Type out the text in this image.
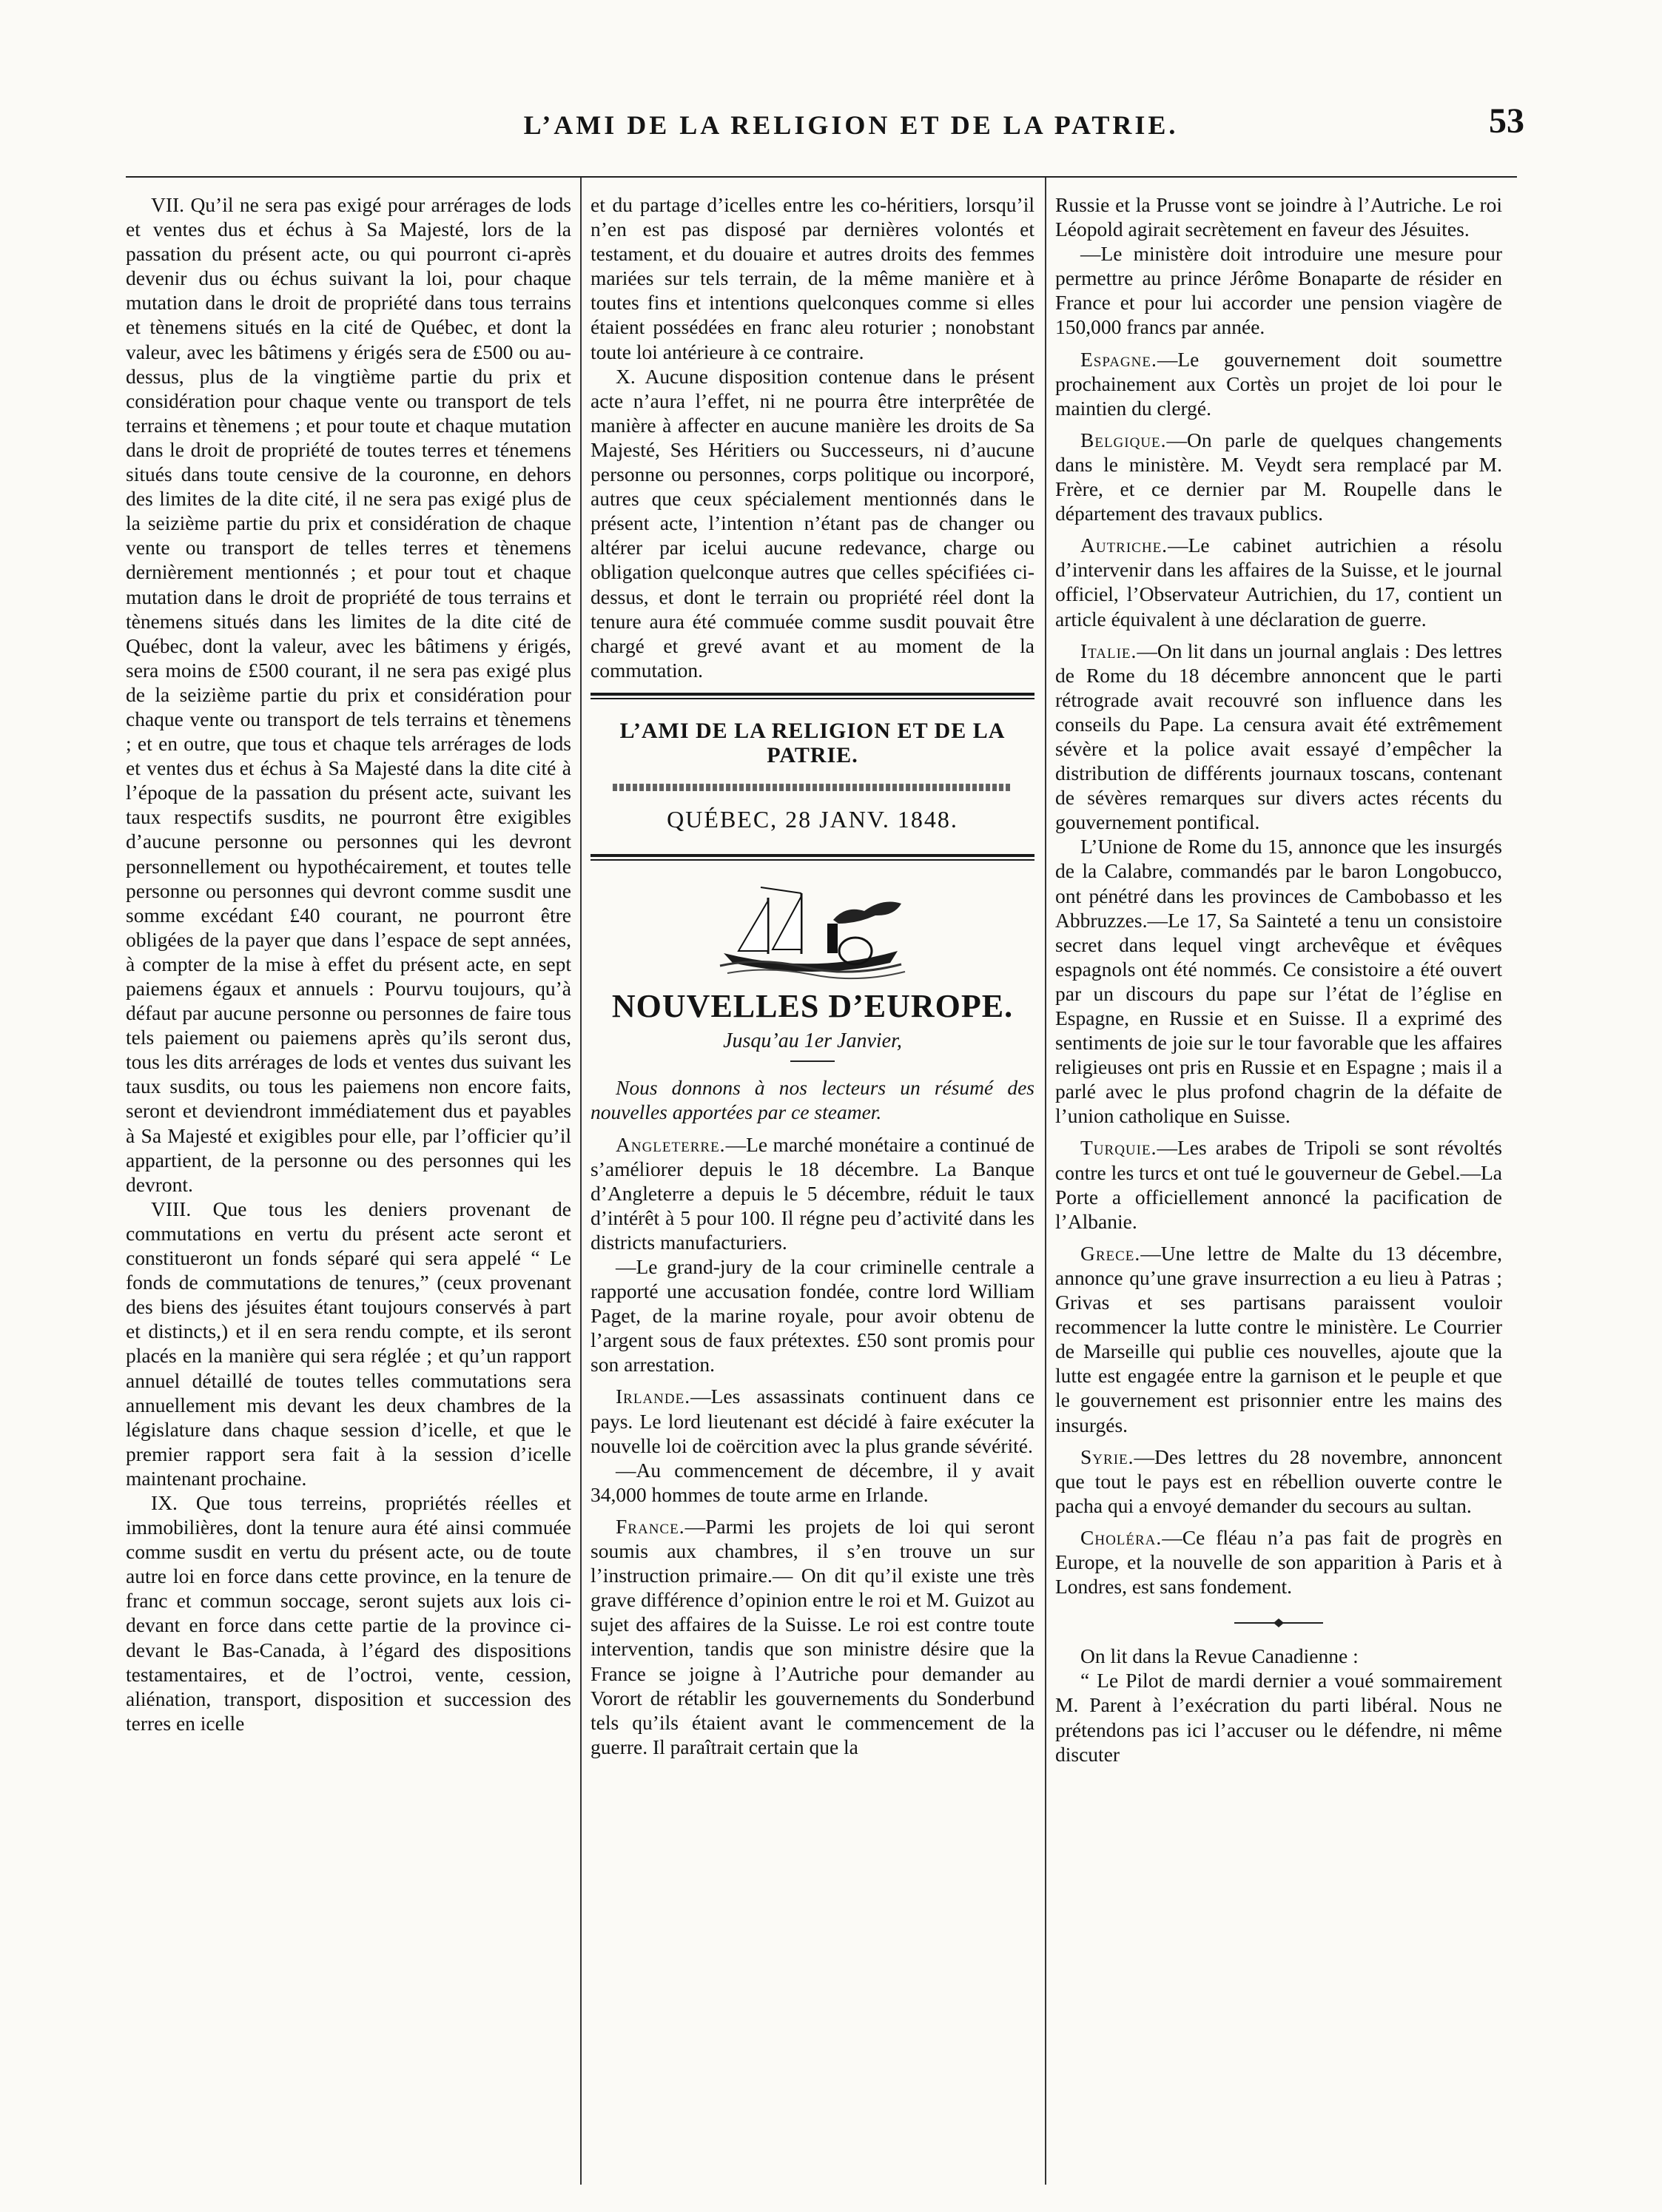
L’AMI DE LA RELIGION ET DE LA PATRIE.	53

VII. Qu’il ne sera pas exigé pour arrérages de lods et ventes dus et échus à Sa Majesté, lors de la passation du présent acte, ou qui pourront ci-après devenir dus ou échus suivant la loi, pour chaque mutation dans le droit de propriété dans tous terrains et tènemens situés en la cité de Québec, et dont la valeur, avec les bâtimens y érigés sera de £500 ou au-dessus, plus de la vingtième partie du prix et considération pour chaque vente ou transport de tels terrains et tènemens ; et pour toute et chaque mutation dans le droit de propriété de toutes terres et ténemens situés dans toute censive de la couronne, en dehors des limites de la dite cité, il ne sera pas exigé plus de la seizième partie du prix et considération de chaque vente ou transport de telles terres et tènemens dernièrement mentionnés ; et pour tout et chaque mutation dans le droit de propriété de tous terrains et tènemens situés dans les limites de la dite cité de Québec, dont la valeur, avec les bâtimens y érigés, sera moins de £500 courant, il ne sera pas exigé plus de la seizième partie du prix et considération pour chaque vente ou transport de tels terrains et tènemens ; et en outre, que tous et chaque tels arrérages de lods et ventes dus et échus à Sa Majesté dans la dite cité à l’époque de la passation du présent acte, suivant les taux respectifs susdits, ne pourront être exigibles d’aucune personne ou personnes qui les devront personnellement ou hypothécairement, et toutes telle personne ou personnes qui devront comme susdit une somme excédant £40 courant, ne pourront être obligées de la payer que dans l’espace de sept années, à compter de la mise à effet du présent acte, en sept paiemens égaux et annuels : Pourvu toujours, qu’à défaut par aucune personne ou personnes de faire tous tels paiement ou paiemens après qu’ils seront dus, tous les dits arrérages de lods et ventes dus suivant les taux susdits, ou tous les paiemens non encore faits, seront et deviendront immédiatement dus et payables à Sa Majesté et exigibles pour elle, par l’officier qu’il appartient, de la personne ou des personnes qui les devront.

VIII. Que tous les deniers provenant de commutations en vertu du présent acte seront et constitueront un fonds séparé qui sera appelé “ Le fonds de commutations de tenures,” (ceux provenant des biens des jésuites étant toujours conservés à part et distincts,) et il en sera rendu compte, et ils seront placés en la manière qui sera réglée ; et qu’un rapport annuel détaillé de toutes telles commutations sera annuellement mis devant les deux chambres de la législature dans chaque session d’icelle, et que le premier rapport sera fait à la session d’icelle maintenant prochaine.

IX. Que tous terreins, propriétés réelles et immobilières, dont la tenure aura été ainsi commuée comme susdit en vertu du présent acte, ou de toute autre loi en force dans cette province, en la tenure de franc et commun soccage, seront sujets aux lois ci-devant en force dans cette partie de la province ci-devant le Bas-Canada, à l’égard des dispositions testamentaires, et de l’octroi, vente, cession, aliénation, transport, disposition et succession des terres en icelle

et du partage d’icelles entre les co-héritiers, lorsqu’il n’en est pas disposé par dernières volontés et testament, et du douaire et autres droits des femmes mariées sur tels terrain, de la même manière et à toutes fins et intentions quelconques comme si elles étaient possédées en franc aleu roturier ; nonobstant toute loi antérieure à ce contraire.

X. Aucune disposition contenue dans le présent acte n’aura l’effet, ni ne pourra être interprêtée de manière à affecter en aucune manière les droits de Sa Majesté, Ses Héritiers ou Successeurs, ni d’aucune personne ou personnes, corps politique ou incorporé, autres que ceux spécialement mentionnés dans le présent acte, l’intention n’étant pas de changer ou altérer par icelui aucune redevance, charge ou obligation quelconque autres que celles spécifiées ci-dessus, et dont le terrain ou propriété réel dont la tenure aura été commuée comme susdit pouvait être chargé et grevé avant et au moment de la commutation.

L’AMI DE LA RELIGION ET DE LA PATRIE.
QUÉBEC, 28 JANV. 1848.
NOUVELLES D’EUROPE.
Jusqu’au 1er Janvier,

Nous donnons à nos lecteurs un résumé des nouvelles apportées par ce steamer.

Angleterre.—Le marché monétaire a continué de s’améliorer depuis le 18 décembre. La Banque d’Angleterre a depuis le 5 décembre, réduit le taux d’intérêt à 5 pour 100. Il régne peu d’activité dans les districts manufacturiers.

—Le grand-jury de la cour criminelle centrale a rapporté une accusation fondée, contre lord William Paget, de la marine royale, pour avoir obtenu de l’argent sous de faux prétextes. £50 sont promis pour son arrestation.

Irlande.—Les assassinats continuent dans ce pays. Le lord lieutenant est décidé à faire exécuter la nouvelle loi de coërcition avec la plus grande sévérité.

—Au commencement de décembre, il y avait 34,000 hommes de toute arme en Irlande.

France.—Parmi les projets de loi qui seront soumis aux chambres, il s’en trouve un sur l’instruction primaire.— On dit qu’il existe une très grave différence d’opinion entre le roi et M. Guizot au sujet des affaires de la Suisse. Le roi est contre toute intervention, tandis que son ministre désire que la France se joigne à l’Autriche pour demander au Vorort de rétablir les gouvernements du Sonderbund tels qu’ils étaient avant le commencement de la guerre. Il paraîtrait certain que la

Russie et la Prusse vont se joindre à l’Autriche. Le roi Léopold agirait secrètement en faveur des Jésuites.

—Le ministère doit introduire une mesure pour permettre au prince Jérôme Bonaparte de résider en France et pour lui accorder une pension viagère de 150,000 francs par année.

Espagne.—Le gouvernement doit soumettre prochainement aux Cortès un projet de loi pour le maintien du clergé.

Belgique.—On parle de quelques changements dans le ministère. M. Veydt sera remplacé par M. Frère, et ce dernier par M. Roupelle dans le département des travaux publics.

Autriche.—Le cabinet autrichien a résolu d’intervenir dans les affaires de la Suisse, et le journal officiel, l’Observateur Autrichien, du 17, contient un article équivalent à une déclaration de guerre.

Italie.—On lit dans un journal anglais : Des lettres de Rome du 18 décembre annoncent que le parti rétrograde avait recouvré son influence dans les conseils du Pape. La censura avait été extrêmement sévère et la police avait essayé d’empêcher la distribution de différents journaux toscans, contenant de sévères remarques sur divers actes récents du gouvernement pontifical.

L’Unione de Rome du 15, annonce que les insurgés de la Calabre, commandés par le baron Longobucco, ont pénétré dans les provinces de Cambobasso et les Abbruzzes.—Le 17, Sa Sainteté a tenu un consistoire secret dans lequel vingt archevêque et évêques espagnols ont été nommés. Ce consistoire a été ouvert par un discours du pape sur l’état de l’église en Espagne, en Russie et en Suisse. Il a exprimé des sentiments de joie sur le tour favorable que les affaires religieuses ont pris en Russie et en Espagne ; mais il a parlé avec le plus profond chagrin de la défaite de l’union catholique en Suisse.

Turquie.—Les arabes de Tripoli se sont révoltés contre les turcs et ont tué le gouverneur de Gebel.—La Porte a officiellement annoncé la pacification de l’Albanie.

Grece.—Une lettre de Malte du 13 décembre, annonce qu’une grave insurrection a eu lieu à Patras ; Grivas et ses partisans paraissent vouloir recommencer la lutte contre le ministère. Le Courrier de Marseille qui publie ces nouvelles, ajoute que la lutte est engagée entre la garnison et le peuple et que le gouvernement est prisonnier entre les mains des insurgés.

Syrie.—Des lettres du 28 novembre, annoncent que tout le pays est en rébellion ouverte contre le pacha qui a envoyé demander du secours au sultan.

Choléra.—Ce fléau n’a pas fait de progrès en Europe, et la nouvelle de son apparition à Paris et à Londres, est sans fondement.

On lit dans la Revue Canadienne :

“ Le Pilot de mardi dernier a voué sommairement M. Parent à l’exécration du parti libéral. Nous ne prétendons pas ici l’accuser ou le défendre, ni même discuter
